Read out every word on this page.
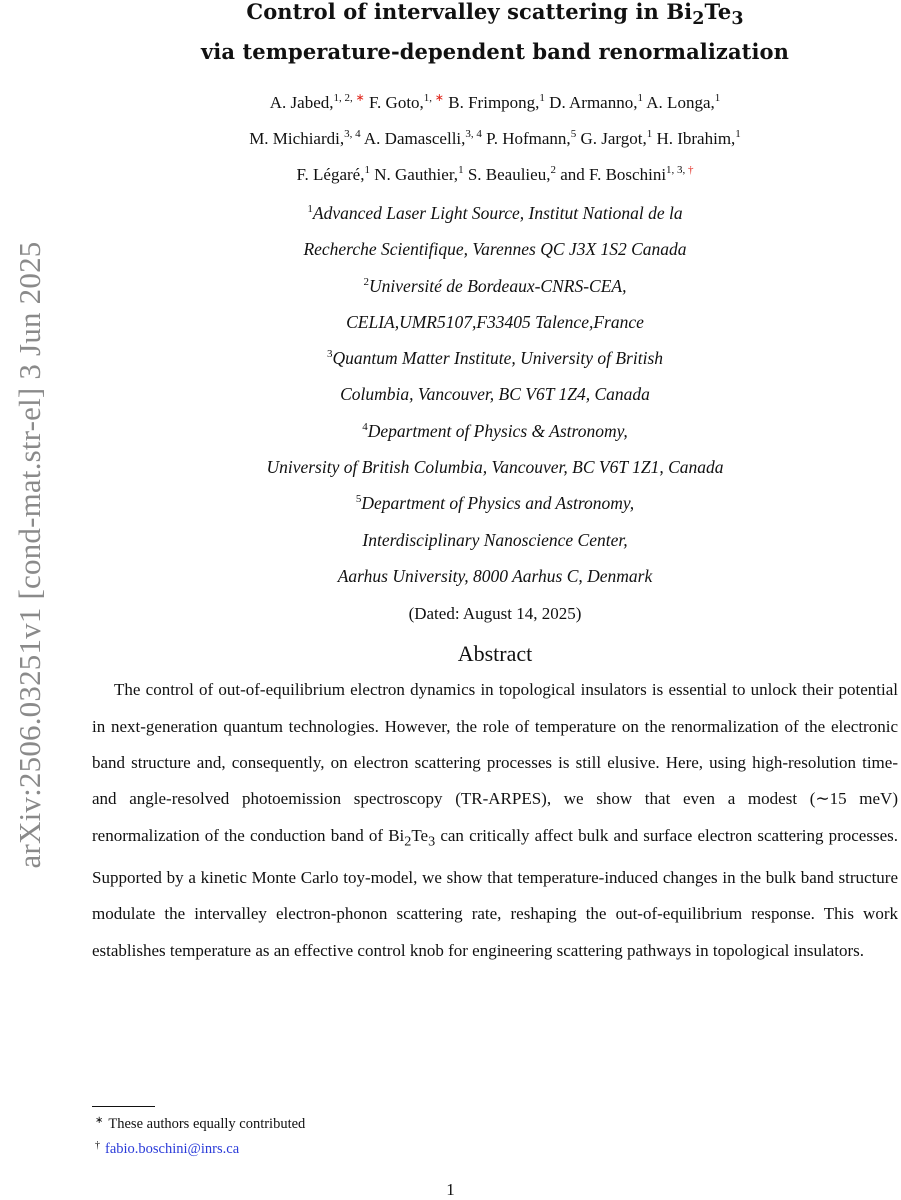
arXiv:2506.03251v1 [cond-mat.str-el] 3 Jun 2025
Control of intervalley scattering in $Bi_2Te_3$
via temperature-dependent band renormalization
A. Jabed,$^{1, 2,}$ ∗ F. Goto,$^{1,}$ ∗ B. Frimpong,$^1$ D. Armanno,$^1$ A. Longa,$^1$
M. Michiardi,$^{3, 4}$ A. Damascelli,$^{3, 4}$ P. Hofmann,$^5$ G. Jargot,$^1$ H. Ibrahim,$^1$
F. Légaré,$^1$ N. Gauthier,$^1$ S. Beaulieu,$^2$ and F. Boschini$^{1, 3,}$ †
$^1$Advanced Laser Light Source, Institut National de la
Recherche Scientifique, Varennes QC J3X 1S2 Canada
$^2$Université de Bordeaux-CNRS-CEA,
CELIA,UMR5107,F33405 Talence,France
$^3$Quantum Matter Institute, University of British
Columbia, Vancouver, BC V6T 1Z4, Canada
$^4$Department of Physics & Astronomy,
University of British Columbia, Vancouver, BC V6T 1Z1, Canada
$^5$Department of Physics and Astronomy,
Interdisciplinary Nanoscience Center,
Aarhus University, 8000 Aarhus C, Denmark
(Dated: August 14, 2025)
Abstract

The control of out-of-equilibrium electron dynamics in topological insulators is essential to unlock their potential in next-generation quantum technologies. However, the role of temperature on the renormalization of the electronic band structure and, consequently, on electron scattering processes is still elusive. Here, using high-resolution time- and angle-resolved photoemission spectroscopy (TR-ARPES), we show that even a modest (∼15 meV) renormalization of the conduction band of $Bi_2Te_3$ can critically affect bulk and surface electron scattering processes. Supported by a kinetic Monte Carlo toy-model, we show that temperature-induced changes in the bulk band structure modulate the intervalley electron-phonon scattering rate, reshaping the out-of-equilibrium response. This work establishes temperature as an effective control knob for engineering scattering pathways in topological insulators.

∗ These authors equally contributed
† fabio.boschini@inrs.ca
1
